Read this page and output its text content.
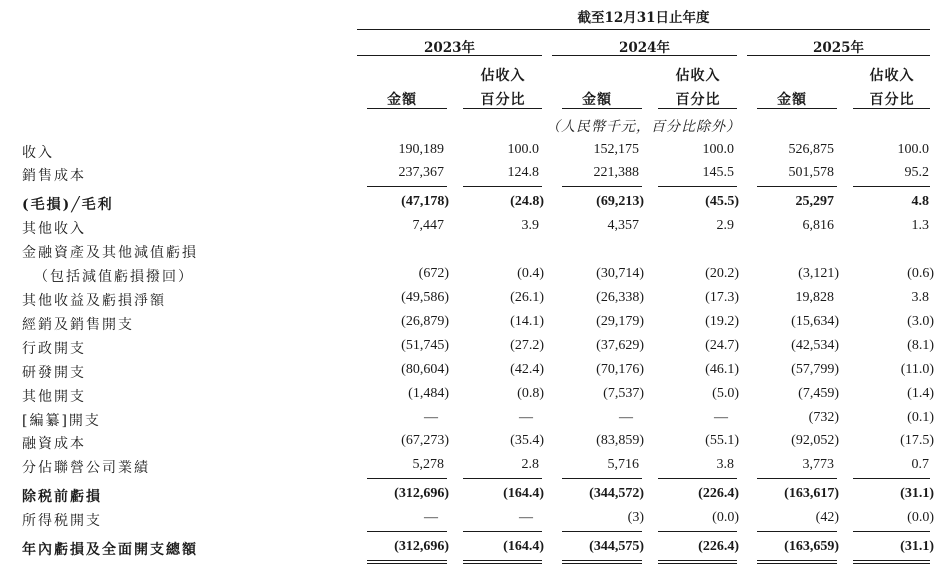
截至12月31日止年度
2023年	2024年	2025年
佔收入	佔收入	佔收入
金額	百分比	金額	百分比	金額	百分比
（人民幣千元，百分比除外）
收入	190,189	100.0	152,175	100.0	526,875	100.0
銷售成本	237,367	124.8	221,388	145.5	501,578	95.2
(毛損)╱毛利	(47,178)	(24.8)	(69,213)	(45.5)	25,297	4.8
其他收入	7,447	3.9	4,357	2.9	6,816	1.3
金融資產及其他減值虧損
（包括減值虧損撥回）	(672)	(0.4)	(30,714)	(20.2)	(3,121)	(0.6)
其他收益及虧損淨額	(49,586)	(26.1)	(26,338)	(17.3)	19,828	3.8
經銷及銷售開支	(26,879)	(14.1)	(29,179)	(19.2)	(15,634)	(3.0)
行政開支	(51,745)	(27.2)	(37,629)	(24.7)	(42,534)	(8.1)
研發開支	(80,604)	(42.4)	(70,176)	(46.1)	(57,799)	(11.0)
其他開支	(1,484)	(0.8)	(7,537)	(5.0)	(7,459)	(1.4)
[編纂]開支	—	—	—	—	(732)	(0.1)
融資成本	(67,273)	(35.4)	(83,859)	(55.1)	(92,052)	(17.5)
分佔聯營公司業績	5,278	2.8	5,716	3.8	3,773	0.7
除税前虧損	(312,696)	(164.4)	(344,572)	(226.4)	(163,617)	(31.1)
所得税開支	—	—	(3)	(0.0)	(42)	(0.0)
年內虧損及全面開支總額	(312,696)	(164.4)	(344,575)	(226.4)	(163,659)	(31.1)
